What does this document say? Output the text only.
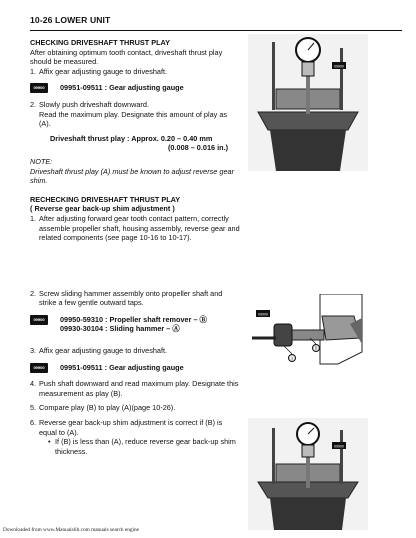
10-26 LOWER UNIT

CHECKING DRIVESHAFT THRUST PLAY

After obtaining optimum tooth contact, driveshaft thrust play should be measured.

1. Affix gear adjusting gauge to driveshaft.
09900	09951-09511 : Gear adjusting gauge
2. Slowly push driveshaft downward.
Read the maximum play. Designate this amount of play as (A).
Driveshaft thrust play : Approx. 0.20 – 0.40 mm
(0.008 – 0.016 in.)

NOTE:

Driveshaft thrust play (A) must be known to adjust reverse gear shim.

RECHECKING DRIVESHAFT THRUST PLAY

( Reverse gear back-up shim adjustment )

1. After adjusting forward gear tooth contact pattern, correctly assemble propeller shaft, housing assembly, reverse gear and related components (see page 10-16 to 10-17).
2. Screw sliding hammer assembly onto propeller shaft and strike a few gentle outward taps.
09900	09950-59310 : Propeller shaft remover – Ⓑ
09930-30104 : Sliding hammer – Ⓐ
3. Affix gear adjusting gauge to driveshaft.
09900	09951-09511 : Gear adjusting gauge
4. Push shaft downward and read maximum play. Designate this measurement as play (B).
5. Compare play (B) to play (A)(page 10-26).
6. Reverse gear back-up shim adjustment is correct if (B) is equal to (A).
• If (B) is less than (A), reduce reverse gear back-up shim thickness.
09900
09900
Ⓐ
Ⓑ
09900
Downloaded from www.Manualslib.com manuals search engine
